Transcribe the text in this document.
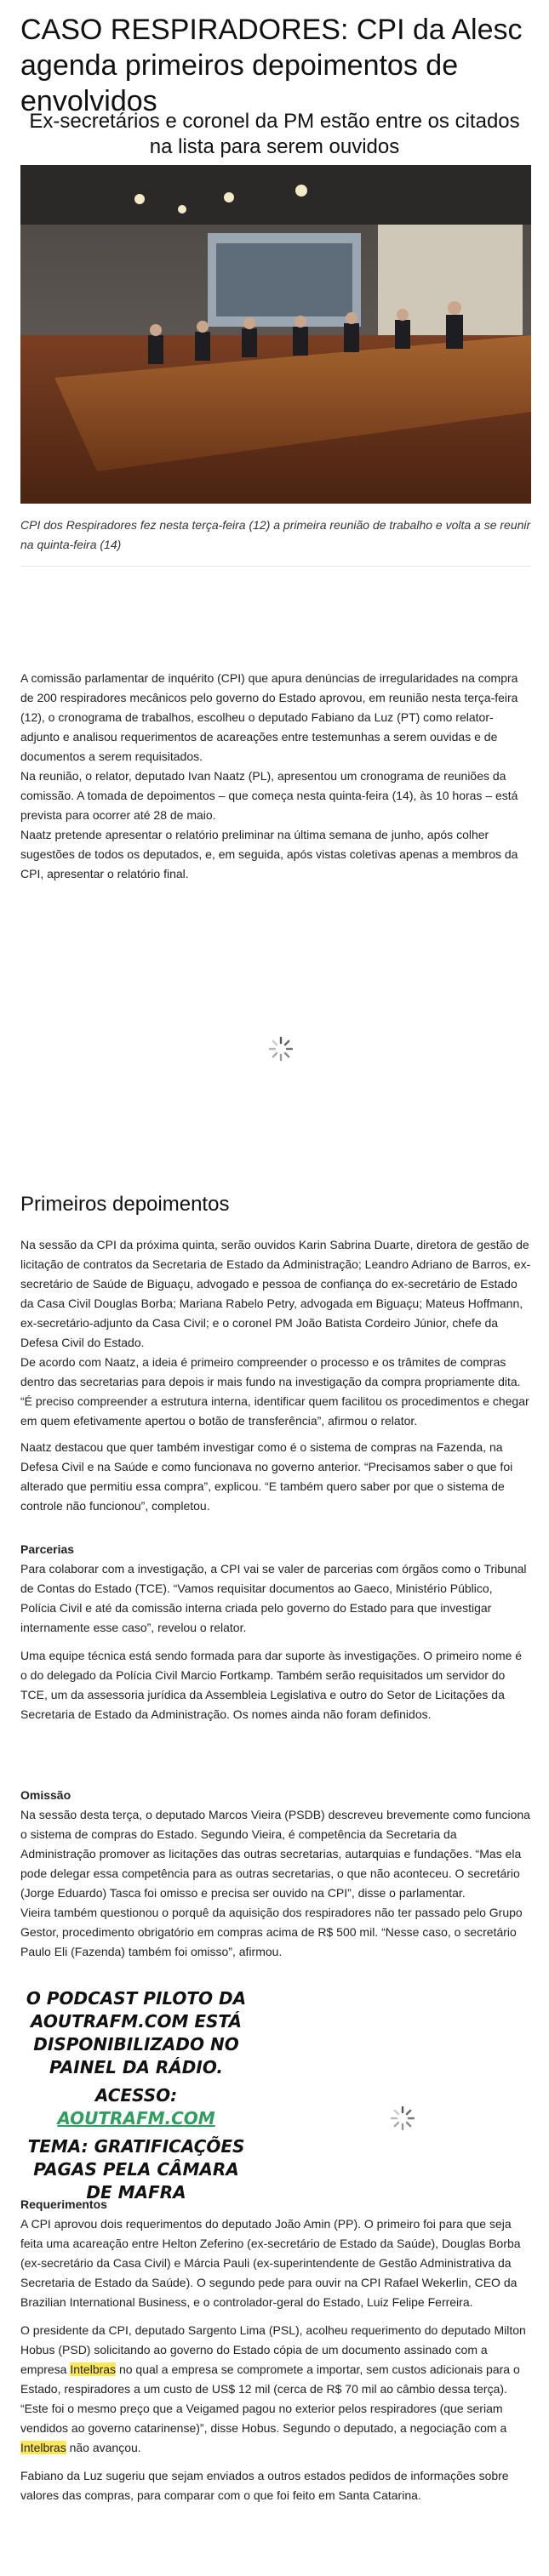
CASO RESPIRADORES: CPI da Alesc agenda primeiros depoimentos de envolvidos
Ex-secretários e coronel da PM estão entre os citados na lista para serem ouvidos
CPI dos Respiradores fez nesta terça-feira (12) a primeira reunião de trabalho e volta a se reunir na quinta-feira (14)

A comissão parlamentar de inquérito (CPI) que apura denúncias de irregularidades na compra de 200 respiradores mecânicos pelo governo do Estado aprovou, em reunião nesta terça-feira (12), o cronograma de trabalhos, escolheu o deputado Fabiano da Luz (PT) como relator-adjunto e analisou requerimentos de acareações entre testemunhas a serem ouvidas e de documentos a serem requisitados.

Na reunião, o relator, deputado Ivan Naatz (PL), apresentou um cronograma de reuniões da comissão. A tomada de depoimentos – que começa nesta quinta-feira (14), às 10 horas – está prevista para ocorrer até 28 de maio.

Naatz pretende apresentar o relatório preliminar na última semana de junho, após colher sugestões de todos os deputados, e, em seguida, após vistas coletivas apenas a membros da CPI, apresentar o relatório final.

Primeiros depoimentos

Na sessão da CPI da próxima quinta, serão ouvidos Karin Sabrina Duarte, diretora de gestão de licitação de contratos da Secretaria de Estado da Administração; Leandro Adriano de Barros, ex-secretário de Saúde de Biguaçu, advogado e pessoa de confiança do ex-secretário de Estado da Casa Civil Douglas Borba; Mariana Rabelo Petry, advogada em Biguaçu; Mateus Hoffmann, ex-secretário-adjunto da Casa Civil; e o coronel PM João Batista Cordeiro Júnior, chefe da Defesa Civil do Estado.

De acordo com Naatz, a ideia é primeiro compreender o processo e os trâmites de compras dentro das secretarias para depois ir mais fundo na investigação da compra propriamente dita. “É preciso compreender a estrutura interna, identificar quem facilitou os procedimentos e chegar em quem efetivamente apertou o botão de transferência”, afirmou o relator.

Naatz destacou que quer também investigar como é o sistema de compras na Fazenda, na Defesa Civil e na Saúde e como funcionava no governo anterior. “Precisamos saber o que foi alterado que permitiu essa compra”, explicou. “E também quero saber por que o sistema de controle não funcionou”, completou.

Parcerias

Para colaborar com a investigação, a CPI vai se valer de parcerias com órgãos como o Tribunal de Contas do Estado (TCE). “Vamos requisitar documentos ao Gaeco, Ministério Público, Polícia Civil e até da comissão interna criada pelo governo do Estado para que investigar internamente esse caso”, revelou o relator.

Uma equipe técnica está sendo formada para dar suporte às investigações. O primeiro nome é o do delegado da Polícia Civil Marcio Fortkamp. Também serão requisitados um servidor do TCE, um da assessoria jurídica da Assembleia Legislativa e outro do Setor de Licitações da Secretaria de Estado da Administração. Os nomes ainda não foram definidos.

Omissão

Na sessão desta terça, o deputado Marcos Vieira (PSDB) descreveu brevemente como funciona o sistema de compras do Estado. Segundo Vieira, é competência da Secretaria da Administração promover as licitações das outras secretarias, autarquias e fundações. “Mas ela pode delegar essa competência para as outras secretarias, o que não aconteceu. O secretário (Jorge Eduardo) Tasca foi omisso e precisa ser ouvido na CPI”, disse o parlamentar.

Vieira também questionou o porquê da aquisição dos respiradores não ter passado pelo Grupo Gestor, procedimento obrigatório em compras acima de R$ 500 mil. “Nesse caso, o secretário Paulo Eli (Fazenda) também foi omisso”, afirmou.

O PODCAST PILOTO DA AOUTRAFM.COM ESTÁ DISPONIBILIZADO NO PAINEL DA RÁDIO.
ACESSO: AOUTRAFM.COM
TEMA: GRATIFICAÇÕES PAGAS PELA CÂMARA DE MAFRA

Requerimentos

A CPI aprovou dois requerimentos do deputado João Amin (PP). O primeiro foi para que seja feita uma acareação entre Helton Zeferino (ex-secretário de Estado da Saúde), Douglas Borba (ex-secretário da Casa Civil) e Márcia Pauli (ex-superintendente de Gestão Administrativa da Secretaria de Estado da Saúde). O segundo pede para ouvir na CPI Rafael Wekerlin, CEO da Brazilian International Business, e o controlador-geral do Estado, Luiz Felipe Ferreira.

O presidente da CPI, deputado Sargento Lima (PSL), acolheu requerimento do deputado Milton Hobus (PSD) solicitando ao governo do Estado cópia de um documento assinado com a empresa Intelbras no qual a empresa se compromete a importar, sem custos adicionais para o Estado, respiradores a um custo de US$ 12 mil (cerca de R$ 70 mil ao câmbio dessa terça). “Este foi o mesmo preço que a Veigamed pagou no exterior pelos respiradores (que seriam vendidos ao governo catarinense)”, disse Hobus. Segundo o deputado, a negociação com a Intelbras não avançou.

Fabiano da Luz sugeriu que sejam enviados a outros estados pedidos de informações sobre valores das compras, para comparar com o que foi feito em Santa Catarina.
